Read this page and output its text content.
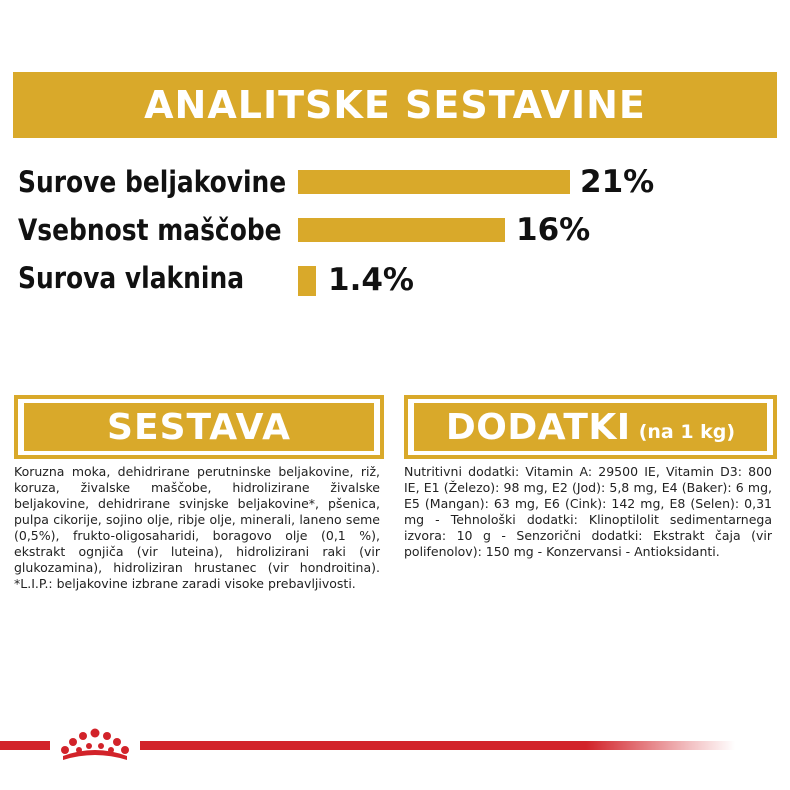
ANALITSKE SESTAVINE
Surove beljakovine	21%
Vsebnost maščobe	16%
Surova vlaknina	1.4%
SESTAVA
Koruzna moka, dehidrirane perutninske beljakovine, riž, koruza, živalske maščobe, hidrolizirane živalske beljakovine, dehidrirane svinjske beljakovine*, pšenica, pulpa cikorije, sojino olje, ribje olje, minerali, laneno seme (0,5%), frukto-oligosaharidi, boragovo olje (0,1 %), ekstrakt ognjiča (vir luteina), hidrolizirani raki (vir glukozamina), hidroliziran hrustanec (vir hondroitina). *L.I.P.: beljakovine izbrane zaradi visoke prebavljivosti.
DODATKI (na 1 kg)
Nutritivni dodatki: Vitamin A: 29500 IE, Vitamin D3: 800 IE, E1 (Železo): 98 mg, E2 (Jod): 5,8 mg, E4 (Baker): 6 mg, E5 (Mangan): 63 mg, E6 (Cink): 142 mg, E8 (Selen): 0,31 mg - Tehnološki dodatki: Klinoptilolit sedimentarnega izvora: 10 g - Senzorični dodatki: Ekstrakt čaja (vir polifenolov): 150 mg - Konzervansi - Antioksidanti.
